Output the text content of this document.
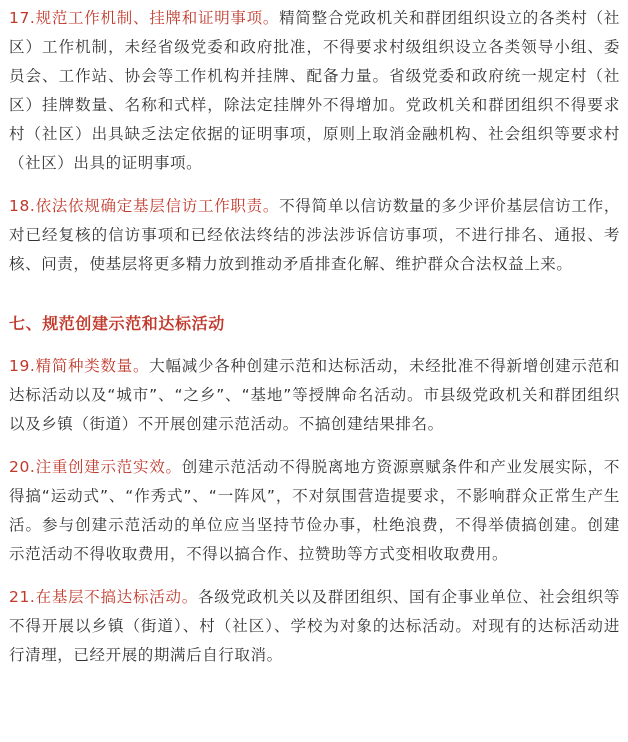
17.规范工作机制、挂牌和证明事项。精简整合党政机关和群团组织设立的各类村（社区）工作机制，未经省级党委和政府批准，不得要求村级组织设立各类领导小组、委员会、工作站、协会等工作机构并挂牌、配备力量。省级党委和政府统一规定村（社区）挂牌数量、名称和式样，除法定挂牌外不得增加。党政机关和群团组织不得要求村（社区）出具缺乏法定依据的证明事项，原则上取消金融机构、社会组织等要求村（社区）出具的证明事项。

18.依法依规确定基层信访工作职责。不得简单以信访数量的多少评价基层信访工作，对已经复核的信访事项和已经依法终结的涉法涉诉信访事项，不进行排名、通报、考核、问责，使基层将更多精力放到推动矛盾排查化解、维护群众合法权益上来。

七、规范创建示范和达标活动

19.精简种类数量。大幅减少各种创建示范和达标活动，未经批准不得新增创建示范和达标活动以及“城市”、“之乡”、“基地”等授牌命名活动。市县级党政机关和群团组织以及乡镇（街道）不开展创建示范活动。不搞创建结果排名。

20.注重创建示范实效。创建示范活动不得脱离地方资源禀赋条件和产业发展实际，不得搞“运动式”、“作秀式”、“一阵风”，不对氛围营造提要求，不影响群众正常生产生活。参与创建示范活动的单位应当坚持节俭办事，杜绝浪费，不得举债搞创建。创建示范活动不得收取费用，不得以搞合作、拉赞助等方式变相收取费用。

21.在基层不搞达标活动。各级党政机关以及群团组织、国有企事业单位、社会组织等不得开展以乡镇（街道）、村（社区）、学校为对象的达标活动。对现有的达标活动进行清理，已经开展的期满后自行取消。
